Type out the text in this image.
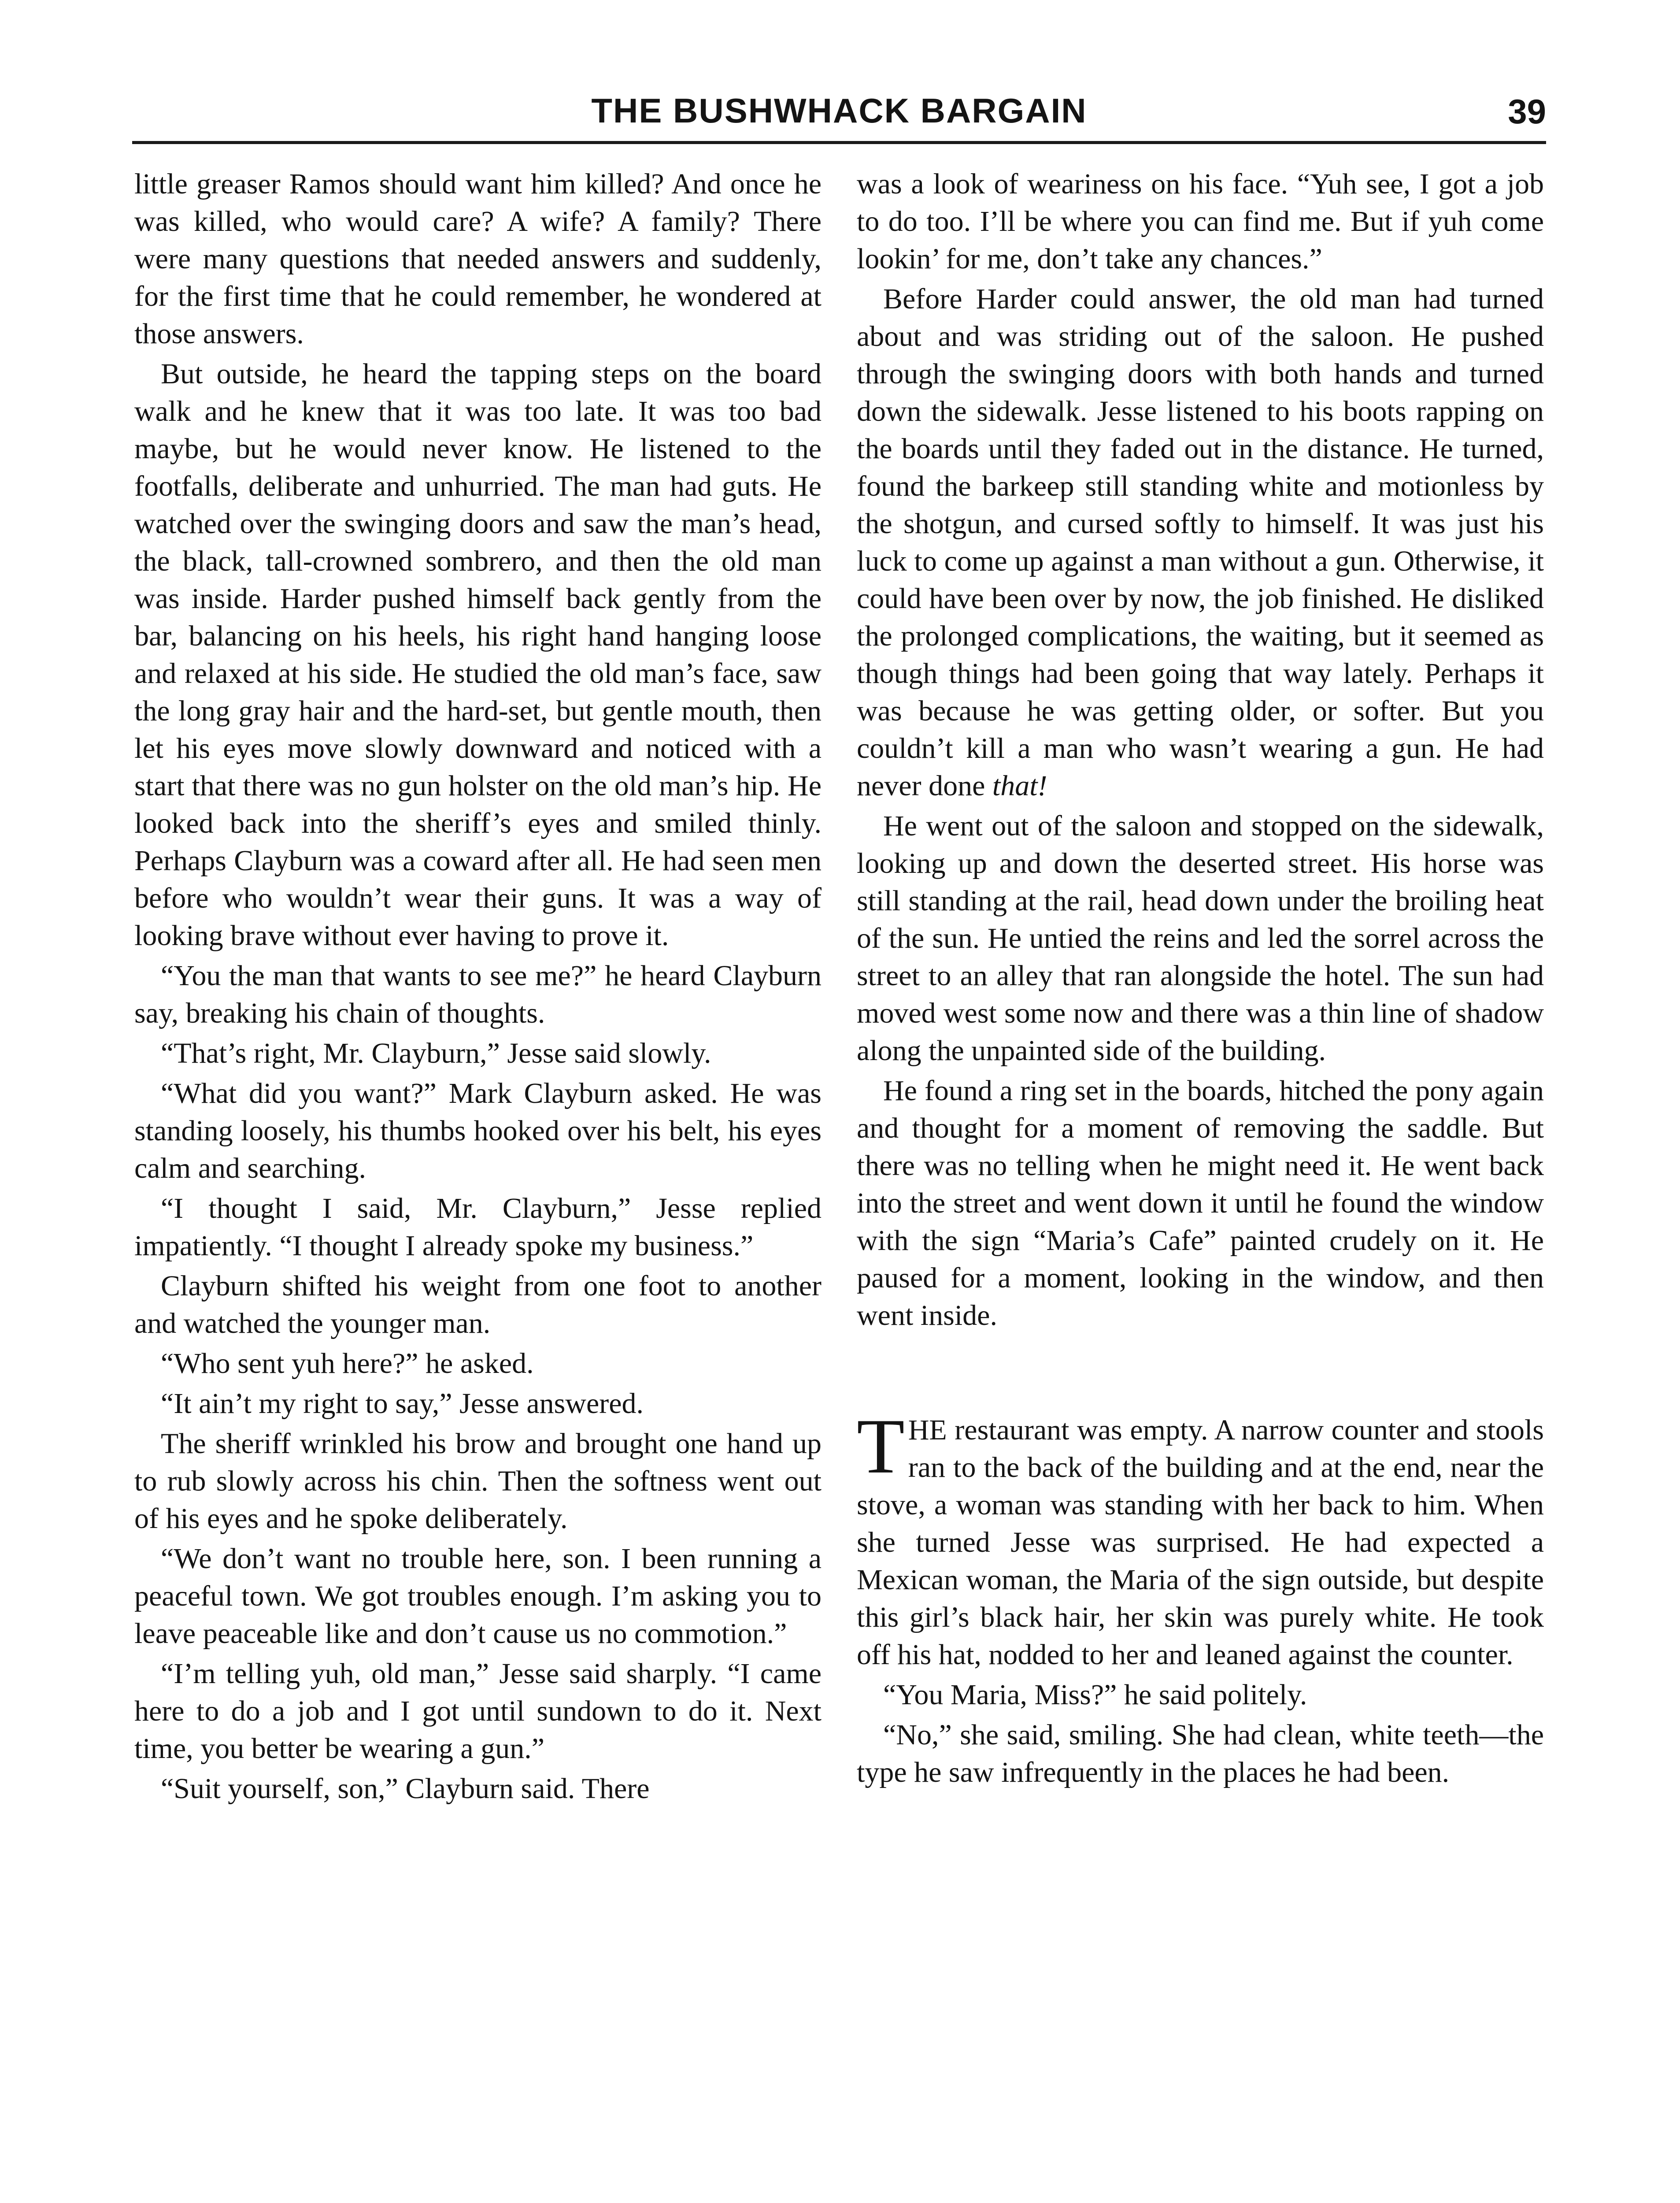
THE BUSHWHACK BARGAIN	39

little greaser Ramos should want him killed? And once he was killed, who would care? A wife? A family? There were many questions that needed answers and suddenly, for the first time that he could remember, he wondered at those answers.

But outside, he heard the tapping steps on the board walk and he knew that it was too late. It was too bad maybe, but he would never know. He listened to the footfalls, deliberate and unhurried. The man had guts. He watched over the swinging doors and saw the man’s head, the black, tall-crowned sombrero, and then the old man was inside. Harder pushed himself back gently from the bar, balancing on his heels, his right hand hanging loose and relaxed at his side. He studied the old man’s face, saw the long gray hair and the hard-set, but gentle mouth, then let his eyes move slowly downward and noticed with a start that there was no gun holster on the old man’s hip. He looked back into the sheriff’s eyes and smiled thinly. Perhaps Clayburn was a coward after all. He had seen men before who wouldn’t wear their guns. It was a way of looking brave without ever having to prove it.

“You the man that wants to see me?” he heard Clayburn say, breaking his chain of thoughts.

“That’s right, Mr. Clayburn,” Jesse said slowly.

“What did you want?” Mark Clayburn asked. He was standing loosely, his thumbs hooked over his belt, his eyes calm and searching.

“I thought I said, Mr. Clayburn,” Jesse replied impatiently. “I thought I already spoke my business.”

Clayburn shifted his weight from one foot to another and watched the younger man.

“Who sent yuh here?” he asked.

“It ain’t my right to say,” Jesse answered.

The sheriff wrinkled his brow and brought one hand up to rub slowly across his chin. Then the softness went out of his eyes and he spoke deliberately.

“We don’t want no trouble here, son. I been running a peaceful town. We got troubles enough. I’m asking you to leave peaceable like and don’t cause us no commotion.”

“I’m telling yuh, old man,” Jesse said sharply. “I came here to do a job and I got until sundown to do it. Next time, you better be wearing a gun.”

“Suit yourself, son,” Clayburn said. There

was a look of weariness on his face. “Yuh see, I got a job to do too. I’ll be where you can find me. But if yuh come lookin’ for me, don’t take any chances.”

Before Harder could answer, the old man had turned about and was striding out of the saloon. He pushed through the swinging doors with both hands and turned down the sidewalk. Jesse listened to his boots rapping on the boards until they faded out in the distance. He turned, found the barkeep still standing white and motionless by the shotgun, and cursed softly to himself. It was just his luck to come up against a man without a gun. Otherwise, it could have been over by now, the job finished. He disliked the prolonged complications, the waiting, but it seemed as though things had been going that way lately. Perhaps it was because he was getting older, or softer. But you couldn’t kill a man who wasn’t wearing a gun. He had never done that!

He went out of the saloon and stopped on the sidewalk, looking up and down the deserted street. His horse was still standing at the rail, head down under the broiling heat of the sun. He untied the reins and led the sorrel across the street to an alley that ran alongside the hotel. The sun had moved west some now and there was a thin line of shadow along the unpainted side of the building.

He found a ring set in the boards, hitched the pony again and thought for a moment of removing the saddle. But there was no telling when he might need it. He went back into the street and went down it until he found the window with the sign “Maria’s Cafe” painted crudely on it. He paused for a moment, looking in the window, and then went inside.

THE restaurant was empty. A narrow counter and stools ran to the back of the building and at the end, near the stove, a woman was standing with her back to him. When she turned Jesse was surprised. He had expected a Mexican woman, the Maria of the sign outside, but despite this girl’s black hair, her skin was purely white. He took off his hat, nodded to her and leaned against the counter.

“You Maria, Miss?” he said politely.

“No,” she said, smiling. She had clean, white teeth—the type he saw infrequently in the places he had been.
